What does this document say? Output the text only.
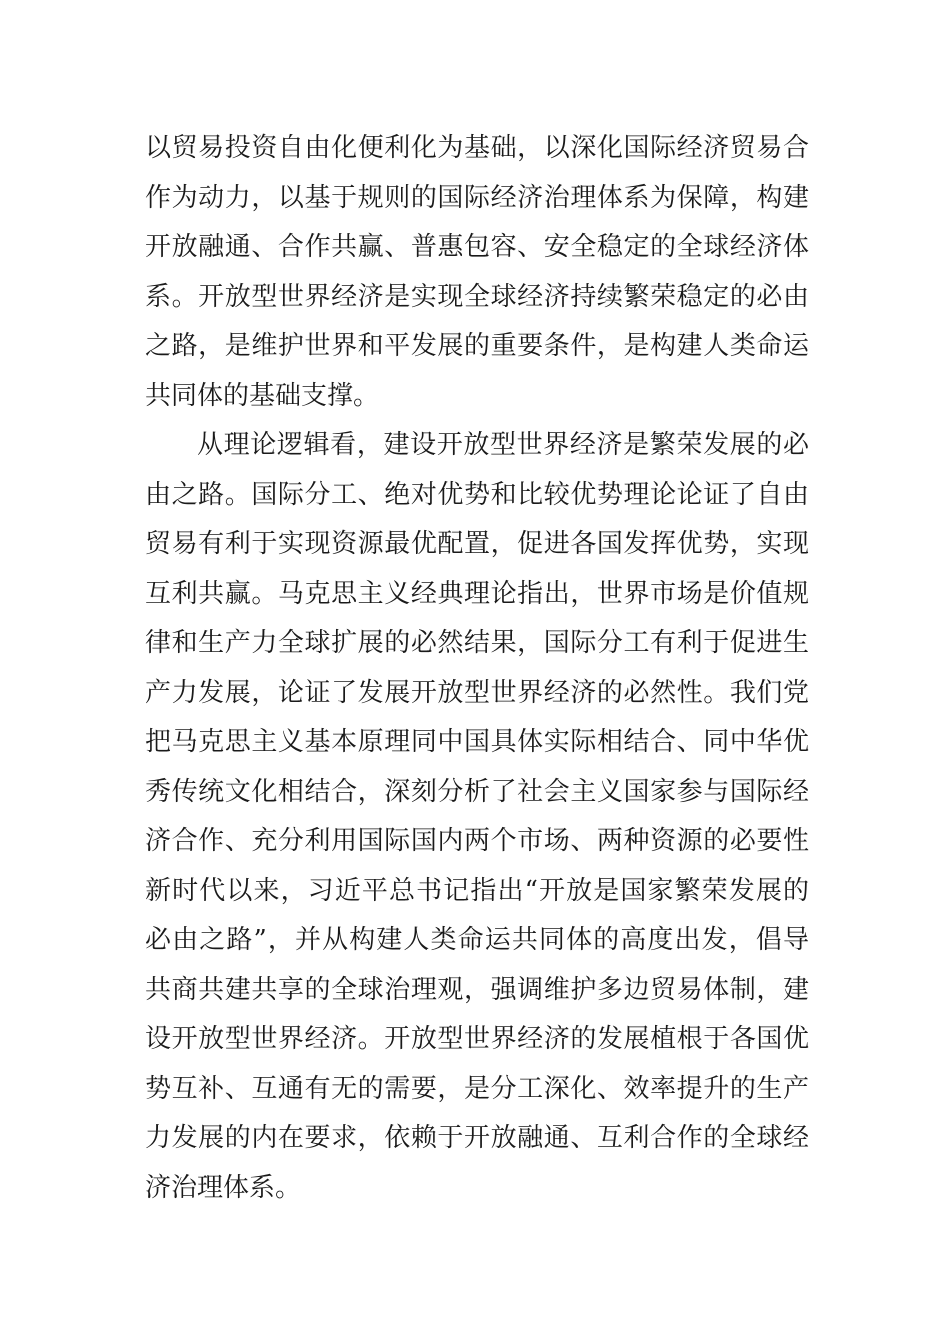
以贸易投资自由化便利化为基础，以深化国际经济贸易合
作为动力，以基于规则的国际经济治理体系为保障，构建
开放融通、合作共赢、普惠包容、安全稳定的全球经济体
系。开放型世界经济是实现全球经济持续繁荣稳定的必由
之路，是维护世界和平发展的重要条件，是构建人类命运
共同体的基础支撑。
从理论逻辑看，建设开放型世界经济是繁荣发展的必
由之路。国际分工、绝对优势和比较优势理论论证了自由
贸易有利于实现资源最优配置，促进各国发挥优势，实现
互利共赢。马克思主义经典理论指出，世界市场是价值规
律和生产力全球扩展的必然结果，国际分工有利于促进生
产力发展，论证了发展开放型世界经济的必然性。我们党
把马克思主义基本原理同中国具体实际相结合、同中华优
秀传统文化相结合，深刻分析了社会主义国家参与国际经
济合作、充分利用国际国内两个市场、两种资源的必要性
新时代以来，习近平总书记指出“开放是国家繁荣发展的
必由之路”，并从构建人类命运共同体的高度出发，倡导
共商共建共享的全球治理观，强调维护多边贸易体制，建
设开放型世界经济。开放型世界经济的发展植根于各国优
势互补、互通有无的需要，是分工深化、效率提升的生产
力发展的内在要求，依赖于开放融通、互利合作的全球经
济治理体系。
